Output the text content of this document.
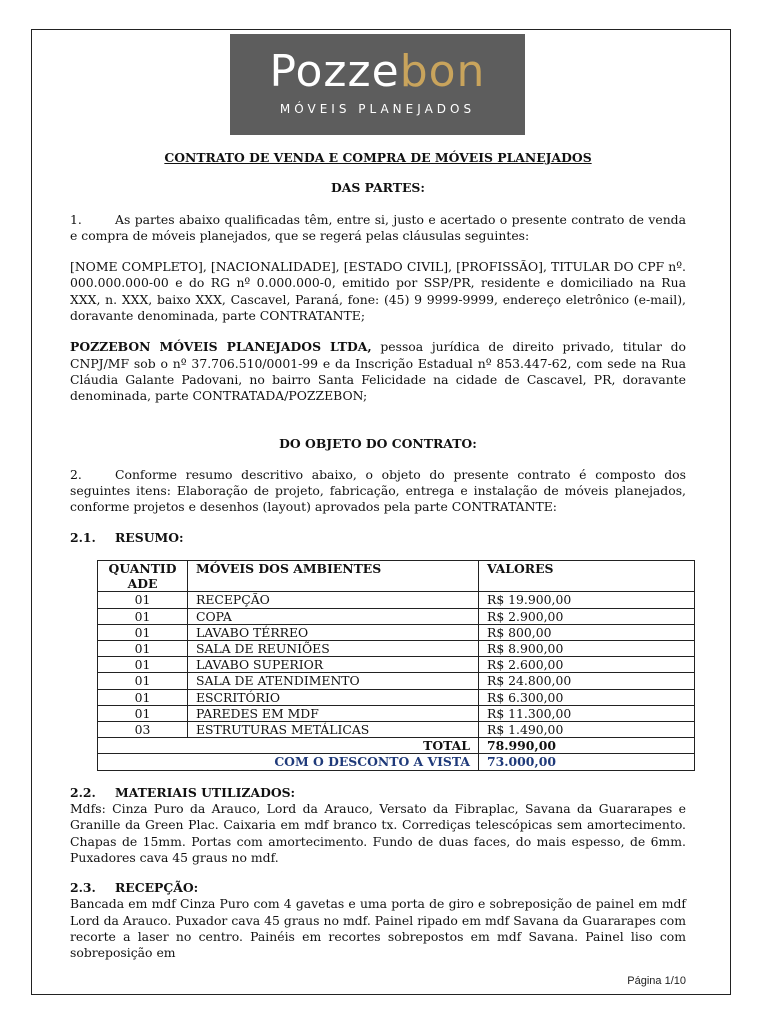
Pozzebon
MÓVEIS PLANEJADOS

CONTRATO DE VENDA E COMPRA DE MÓVEIS PLANEJADOS

DAS PARTES:

1.	As partes abaixo qualificadas têm, entre si, justo e acertado o presente contrato de venda e compra de móveis planejados, que se regerá pelas cláusulas seguintes:

[NOME COMPLETO], [NACIONALIDADE], [ESTADO CIVIL], [PROFISSÃO], TITULAR DO CPF nº. 000.000.000-00 e do RG nº 0.000.000-0, emitido por SSP/PR, residente e domiciliado na Rua XXX, n. XXX, baixo XXX, Cascavel, Paraná, fone: (45) 9 9999-9999, endereço eletrônico (e-mail), doravante denominada, parte CONTRATANTE;

POZZEBON MÓVEIS PLANEJADOS LTDA, pessoa jurídica de direito privado, titular do CNPJ/MF sob o nº 37.706.510/0001-99 e da Inscrição Estadual nº 853.447-62, com sede na Rua Cláudia Galante Padovani, no bairro Santa Felicidade na cidade de Cascavel, PR, doravante denominada, parte CONTRATADA/POZZEBON;

DO OBJETO DO CONTRATO:

2.	Conforme resumo descritivo abaixo, o objeto do presente contrato é composto dos seguintes itens: Elaboração de projeto, fabricação, entrega e instalação de móveis planejados, conforme projetos e desenhos (layout) aprovados pela parte CONTRATANTE:

2.1. RESUMO:

QUANTIDADE	MÓVEIS DOS AMBIENTES	VALORES
01	RECEPÇÃO	R$ 19.900,00
01	COPA	R$ 2.900,00
01	LAVABO TÉRREO	R$ 800,00
01	SALA DE REUNIÕES	R$ 8.900,00
01	LAVABO SUPERIOR	R$ 2.600,00
01	SALA DE ATENDIMENTO	R$ 24.800,00
01	ESCRITÓRIO	R$ 6.300,00
01	PAREDES EM MDF	R$ 11.300,00
03	ESTRUTURAS METÁLICAS	R$ 1.490,00
TOTAL		78.990,00
COM O DESCONTO A VISTA		73.000,00

2.2. MATERIAIS UTILIZADOS:

Mdfs: Cinza Puro da Arauco, Lord da Arauco, Versato da Fibraplac, Savana da Guararapes e Granille da Green Plac. Caixaria em mdf branco tx. Corrediças telescópicas sem amortecimento. Chapas de 15mm. Portas com amortecimento. Fundo de duas faces, do mais espesso, de 6mm. Puxadores cava 45 graus no mdf.

2.3. RECEPÇÃO:

Bancada em mdf Cinza Puro com 4 gavetas e uma porta de giro e sobreposição de painel em mdf Lord da Arauco. Puxador cava 45 graus no mdf. Painel ripado em mdf Savana da Guararapes com recorte a laser no centro. Painéis em recortes sobrepostos em mdf Savana. Painel liso com sobreposição em

Página 1/10
